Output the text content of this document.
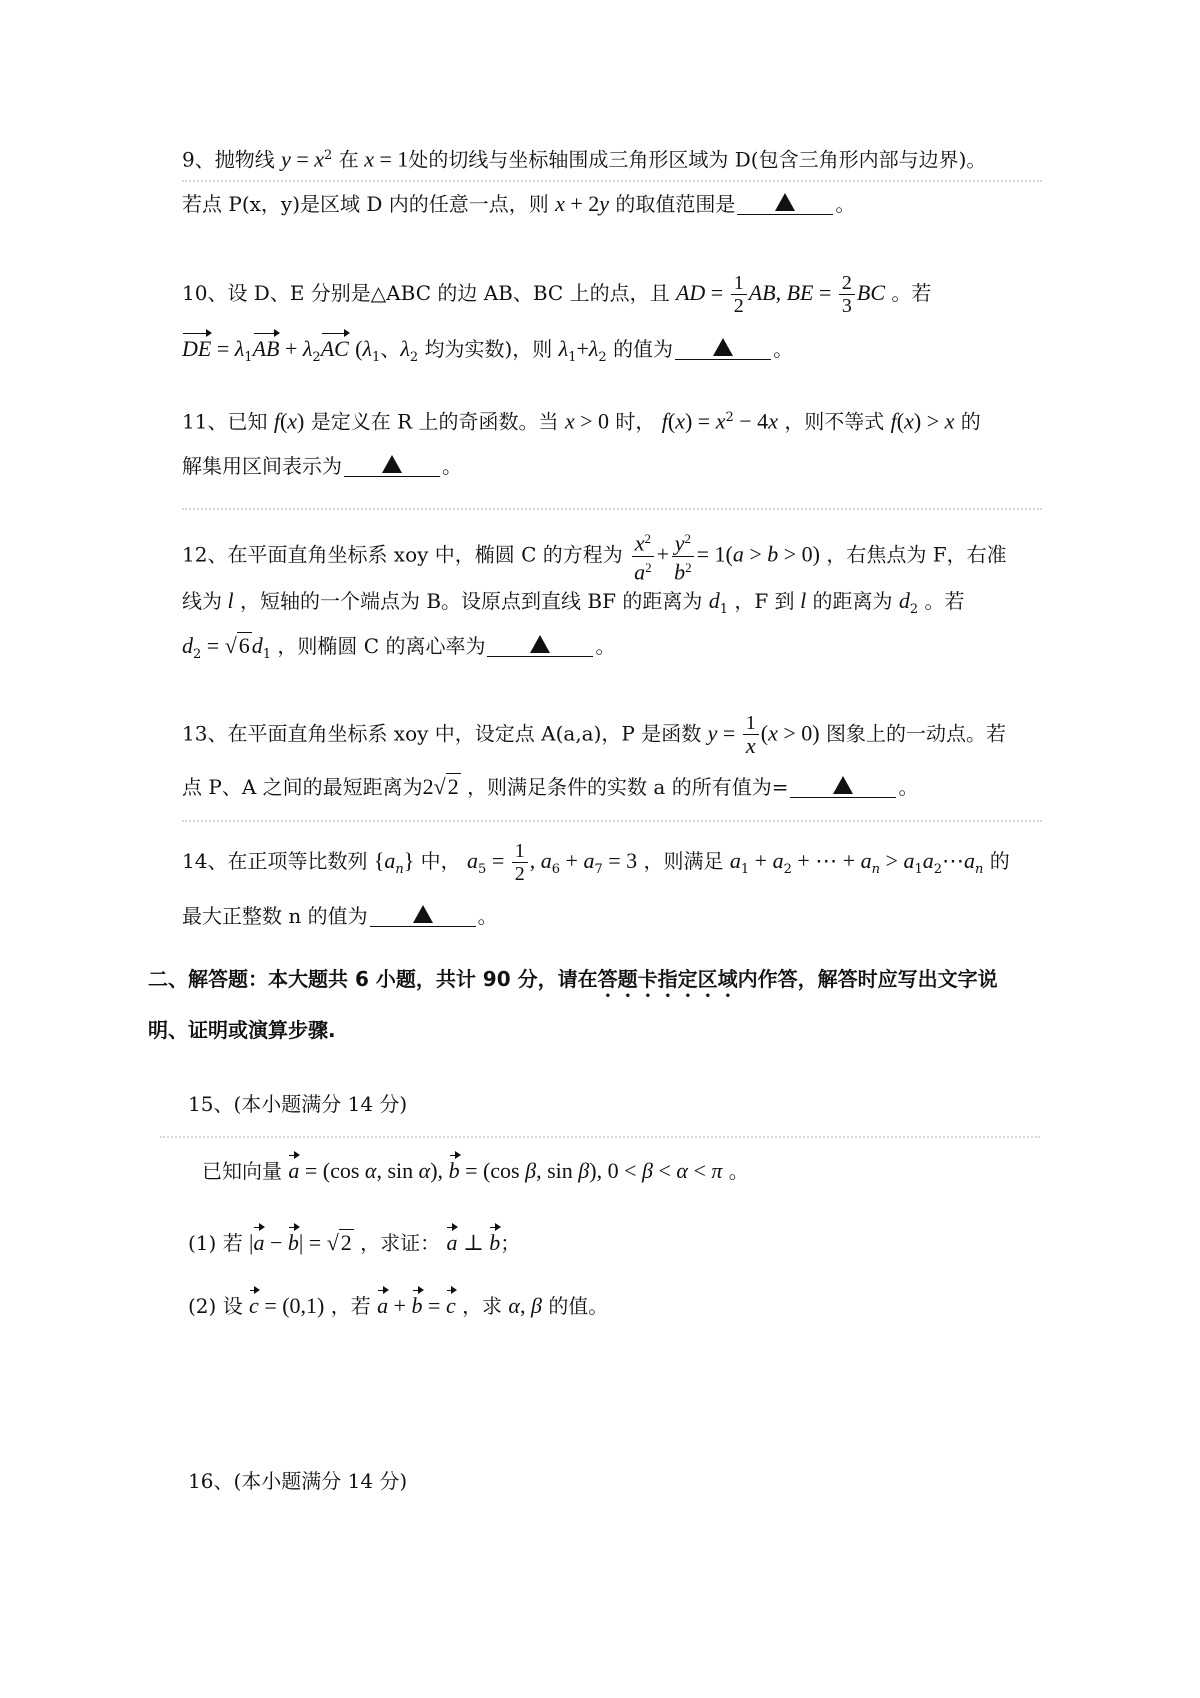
9、抛物线 $y = x^2$ 在 x = 1处的切线与坐标轴围成三角形区域为 D(包含三角形内部与边界)。
若点 P(x，y)是区域 D 内的任意一点，则 x + 2y 的取值范围是	。
10、设 D、E 分别是△ABC 的边 AB、BC 上的点，且 AD = $\frac{1}{2}$ AB, BE = $\frac{2}{3}$ BC 。若
DE = $\lambda_1AB + \lambda_2AC$ ($\lambda_1$、$\lambda_2$ 均为实数)，则 $\lambda_1+\lambda_2$ 的值为	。
11、已知 f(x) 是定义在 R 上的奇函数。当 x > 0 时， $f(x) = x^2 - 4x$ ，则不等式 f(x) > x 的
解集用区间表示为	。
12、在平面直角坐标系 xoy 中，椭圆 C 的方程为 $\frac{x^2}{a^2} + \frac{y^2}{b^2} = 1(a > b > 0)$ ，右焦点为 F，右准
线为 l ，短轴的一个端点为 B。设原点到直线 BF 的距离为 $d_1$ ，F 到 l 的距离为 $d_2$ 。若
$d_2 = √6d_1$ ，则椭圆 C 的离心率为	。
13、在平面直角坐标系 xoy 中，设定点 A(a,a)，P 是函数 $y = \frac{1}{x} (x > 0)$ 图象上的一动点。若
点 P、A 之间的最短距离为2√2 ，则满足条件的实数 a 的所有值为=	。
14、在正项等比数列 $\{a_n\}$ 中， $a_5 = \frac{1}{2}$ , $a_6 + a_7 = 3$ ，则满足 $a_1 + a_2$ + ⋯ + $a_n$ > $a_1a_2\cdots a_n$ 的
最大正整数 n 的值为	。
二、解答题：本大题共 6 小题，共计 90 分，请在答题卡指定区域内作答，解答时应写出文字说
明、证明或演算步骤.
15、(本小题满分 14 分)
已知向量 a = (cos α, sin α), b = (cos β, sin β), 0 < β < α < π 。
(1) 若 |a − b| = √2 ，求证： a ⊥ b；
(2) 设 c = (0,1) ，若 a + b = c ，求 α, β 的值。
16、(本小题满分 14 分)
